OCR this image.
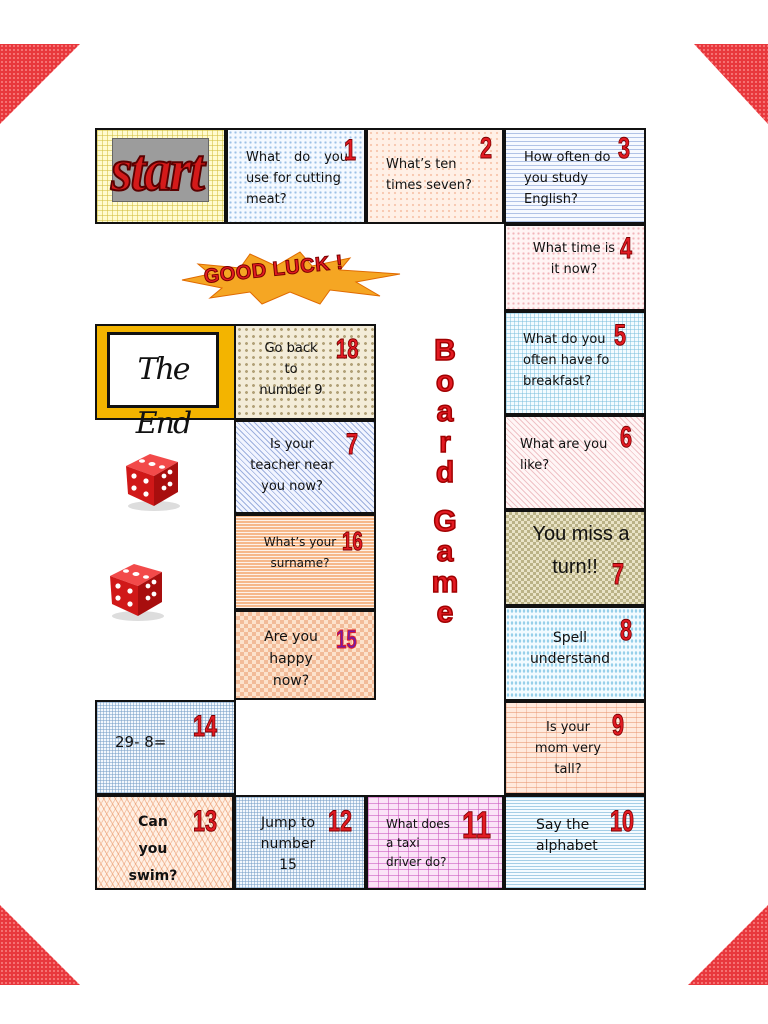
start	What do you
use for cutting
meat?
1 What’s ten
times seven?
2 How often do
you study
English?
3
What time is
it now?
4
What do you
often have fo
breakfast?
5
What are you
like?
6
You miss a
turn!! 7
Spell
understand
8
Is your
mom very
tall?
9
Say the
alphabet
10
What does
a taxi
driver do?
11
Jump to
number
15
12
Can
you
swim?
13
29- 8= 14
Are you
happy
now?
15
What’s your
surname?
16
Is your
teacher near
you now?
7
Go back
to
number 9
18
The End
GOOD LUCK !
B
o
a
r
d
G
a
m
e
